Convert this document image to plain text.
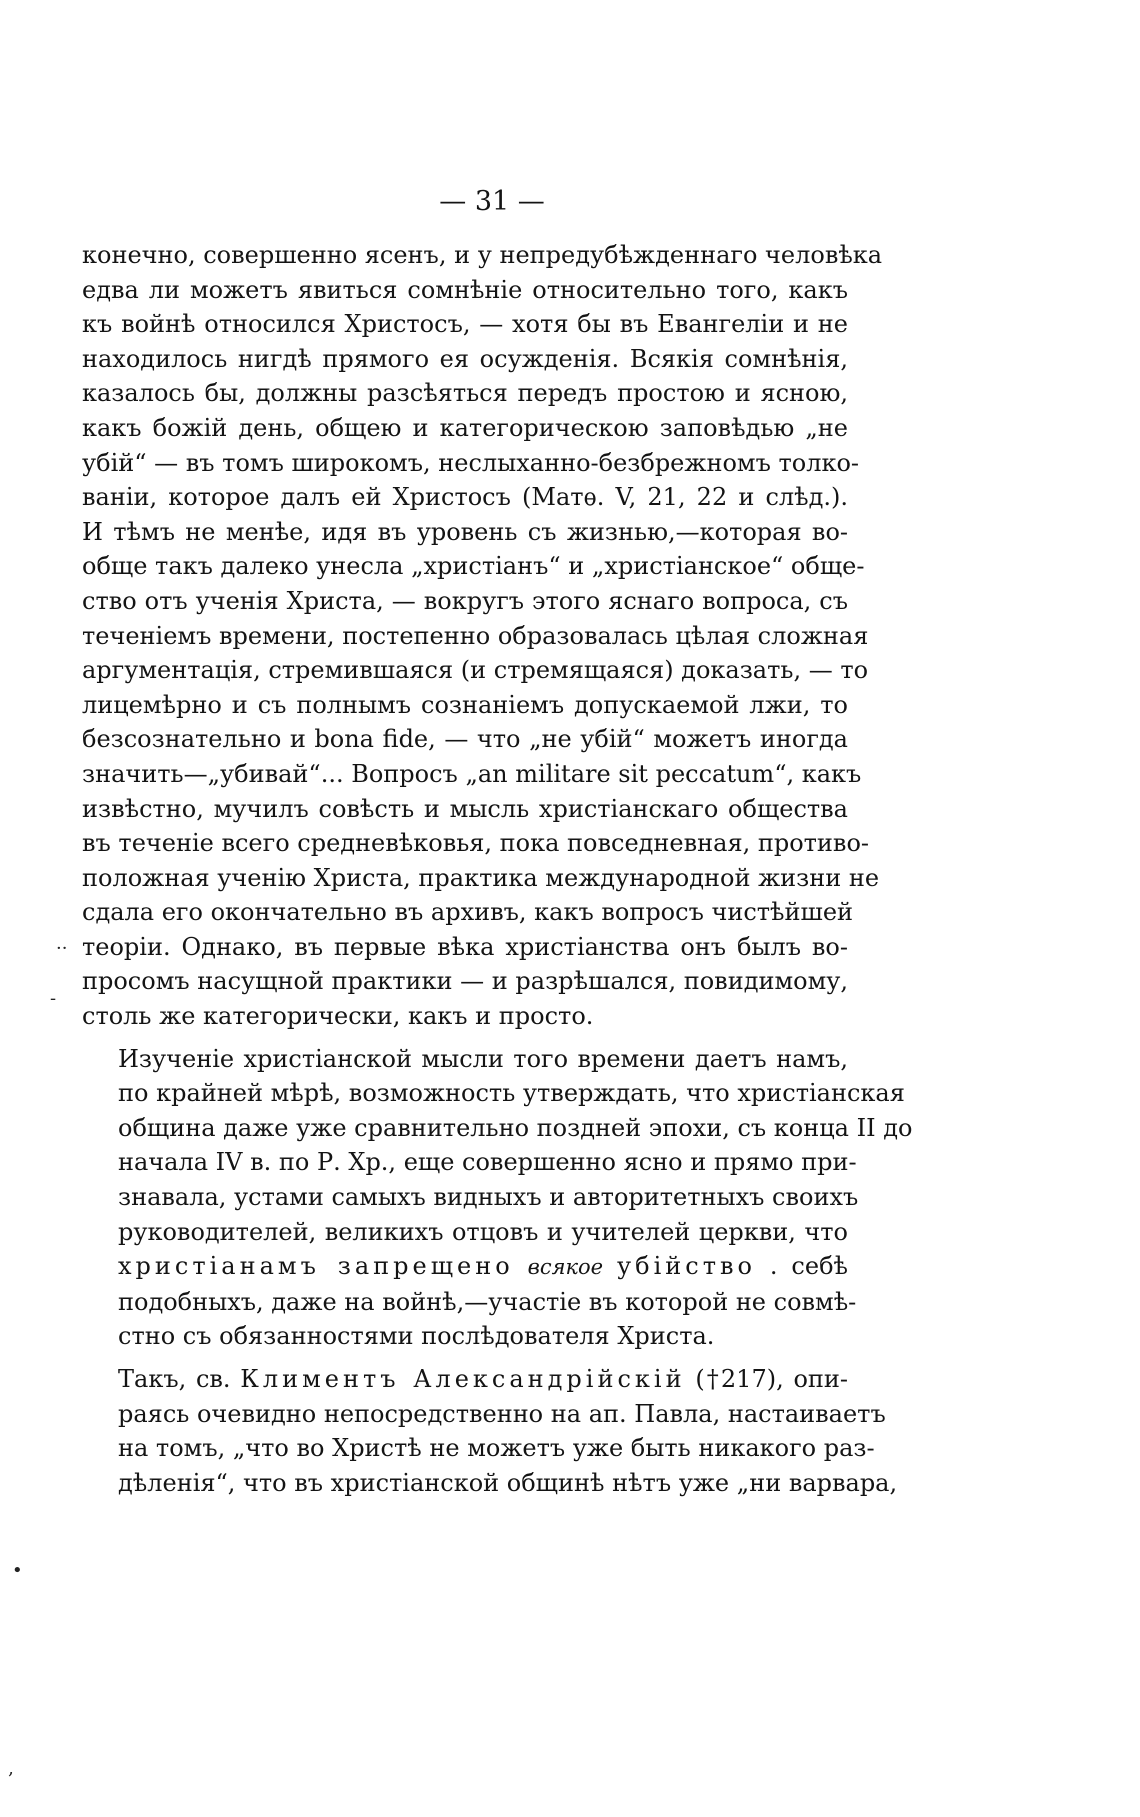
— 31 —

конечно, совершенно ясенъ, и у непредубѣжденнаго человѣка
едва ли можетъ явиться сомнѣніе относительно того, какъ
къ войнѣ относился Христосъ, — хотя бы въ Евангеліи и не
находилось нигдѣ прямого ея осужденія. Всякія сомнѣнія,
казалось бы, должны разсѣяться передъ простою и ясною,
какъ божій день, общею и категорическою заповѣдью „не
убій“ — въ томъ широкомъ, неслыханно-безбрежномъ толко-
ваніи, которое далъ ей Христосъ (Матѳ. V, 21, 22 и слѣд.).
И тѣмъ не менѣе, идя въ уровень съ жизнью,—которая во-
обще такъ далеко унесла „христіанъ“ и „христіанское“ обще-
ство отъ ученія Христа, — вокругъ этого яснаго вопроса, съ
теченіемъ времени, постепенно образовалась цѣлая сложная
аргументація, стремившаяся (и стремящаяся) доказать, — то
лицемѣрно и съ полнымъ сознаніемъ допускаемой лжи, то
безсознательно и bona fide, — что „не убій“ можетъ иногда
значить—„убивай“... Вопросъ „an militare sit peccatum“, какъ
извѣстно, мучилъ совѣсть и мысль христіанскаго общества
въ теченіе всего средневѣковья, пока повседневная, противо-
положная ученію Христа, практика международной жизни не
сдала его окончательно въ архивъ, какъ вопросъ чистѣйшей
теоріи. Однако, въ первые вѣка христіанства онъ былъ во-
просомъ насущной практики — и разрѣшался, повидимому,
столь же категорически, какъ и просто.

Изученіе христіанской мысли того времени даетъ намъ,
по крайней мѣрѣ, возможность утверждать, что христіанская
община даже уже сравнительно поздней эпохи, съ конца II до
начала IV в. по Р. Хр., еще совершенно ясно и прямо при-
знавала, устами самыхъ видныхъ и авторитетныхъ своихъ
руководителей, великихъ отцовъ и учителей церкви, что
христіанамъ запрещено всякое убійство . себѣ
подобныхъ, даже на войнѣ,—участіе въ которой не совмѣ-
стно съ обязанностями послѣдователя Христа.

Такъ, св. Климентъ Александрійскій (†217), опи-
раясь очевидно непосредственно на ап. Павла, настаиваетъ
на томъ, „что во Христѣ не можетъ уже быть никакого раз-
дѣленія“, что въ христіанской общинѣ нѣтъ уже „ни варвара,

··
-
•
‚
